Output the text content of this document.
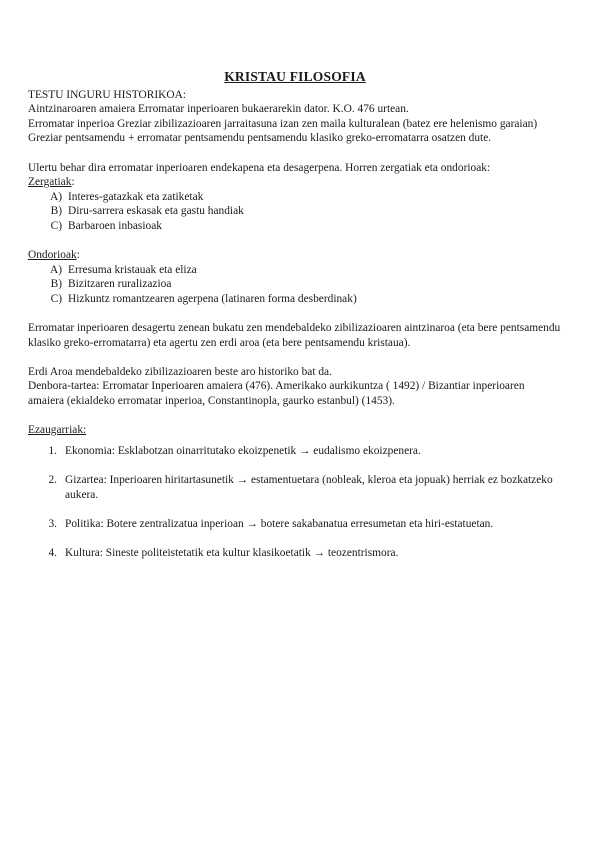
KRISTAU FILOSOFIA

TESTU INGURU HISTORIKOA:

Aintzinaroaren amaiera Erromatar inperioaren bukaerarekin dator. K.O. 476 urtean.

Erromatar inperioa Greziar zibilizazioaren jarraitasuna izan zen maila kulturalean (batez ere helenismo garaian) Greziar pentsamendu + erromatar pentsamendu pentsamendu klasiko greko-erromatarra osatzen dute.

Ulertu behar dira erromatar inperioaren endekapena eta desagerpena. Horren zergatiak eta ondorioak:

Zergatiak:

A) Interes-gatazkak eta zatiketak
B) Diru-sarrera eskasak eta gastu handiak
C) Barbaroen inbasioak

Ondorioak:

A) Erresuma kristauak eta eliza
B) Bizitzaren ruralizazioa
C) Hizkuntz romantzearen agerpena (latinaren forma desberdinak)

Erromatar inperioaren desagertu zenean bukatu zen mendebaldeko zibilizazioaren aintzinaroa (eta bere pentsamendu klasiko greko-erromatarra) eta agertu zen erdi aroa (eta bere pentsamendu kristaua).

Erdi Aroa mendebaldeko zibilizazioaren beste aro historiko bat da.

Denbora-tartea: Erromatar Inperioaren amaiera (476). Amerikako aurkikuntza ( 1492) / Bizantiar inperioaren amaiera (ekialdeko erromatar inperioa, Constantinopla, gaurko estanbul) (1453).

Ezaugarriak:

1. Ekonomia: Esklabotzan oinarritutako ekoizpenetik → eudalismo ekoizpenera.
2. Gizartea: Inperioaren hiritartasunetik → estamentuetara (nobleak, kleroa eta jopuak) herriak ez bozkatzeko aukera.
3. Politika: Botere zentralizatua inperioan → botere sakabanatua erresumetan eta hiri-estatuetan.
4. Kultura: Sineste politeistetatik eta kultur klasikoetatik → teozentrismora.
